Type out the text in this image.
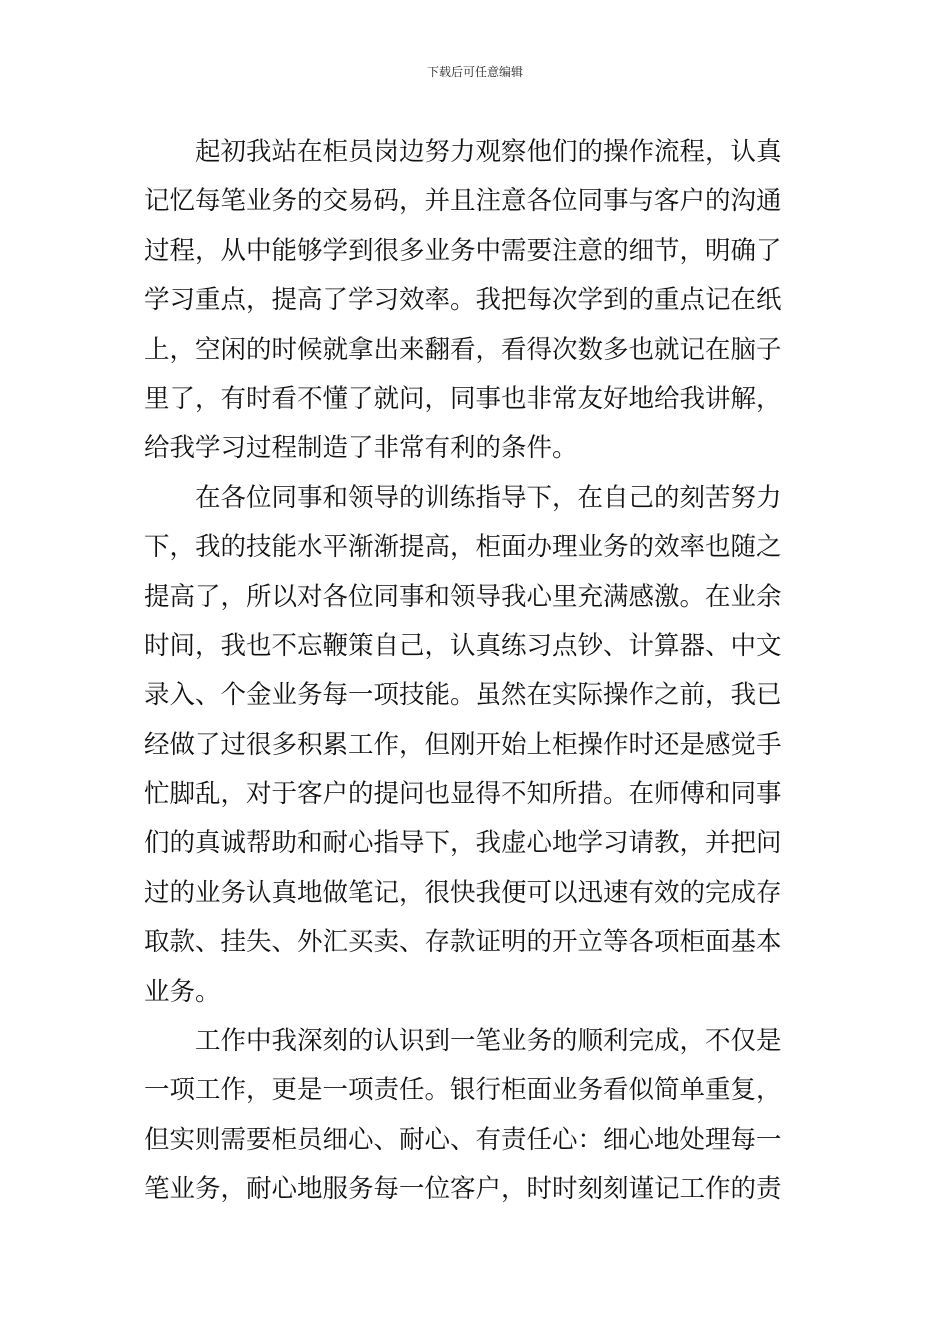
下载后可任意编辑
　　起初我站在柜员岗边努力观察他们的操作流程，认真
记忆每笔业务的交易码，并且注意各位同事与客户的沟通
过程，从中能够学到很多业务中需要注意的细节，明确了
学习重点，提高了学习效率。我把每次学到的重点记在纸
上，空闲的时候就拿出来翻看，看得次数多也就记在脑子
里了，有时看不懂了就问，同事也非常友好地给我讲解，
给我学习过程制造了非常有利的条件。
　　在各位同事和领导的训练指导下，在自己的刻苦努力
下，我的技能水平渐渐提高，柜面办理业务的效率也随之
提高了，所以对各位同事和领导我心里充满感激。在业余
时间，我也不忘鞭策自己，认真练习点钞、计算器、中文
录入、个金业务每一项技能。虽然在实际操作之前，我已
经做了过很多积累工作，但刚开始上柜操作时还是感觉手
忙脚乱，对于客户的提问也显得不知所措。在师傅和同事
们的真诚帮助和耐心指导下，我虚心地学习请教，并把问
过的业务认真地做笔记，很快我便可以迅速有效的完成存
取款、挂失、外汇买卖、存款证明的开立等各项柜面基本
业务。
　　工作中我深刻的认识到一笔业务的顺利完成，不仅是
一项工作，更是一项责任。银行柜面业务看似简单重复，
但实则需要柜员细心、耐心、有责任心：细心地处理每一
笔业务，耐心地服务每一位客户，时时刻刻谨记工作的责
